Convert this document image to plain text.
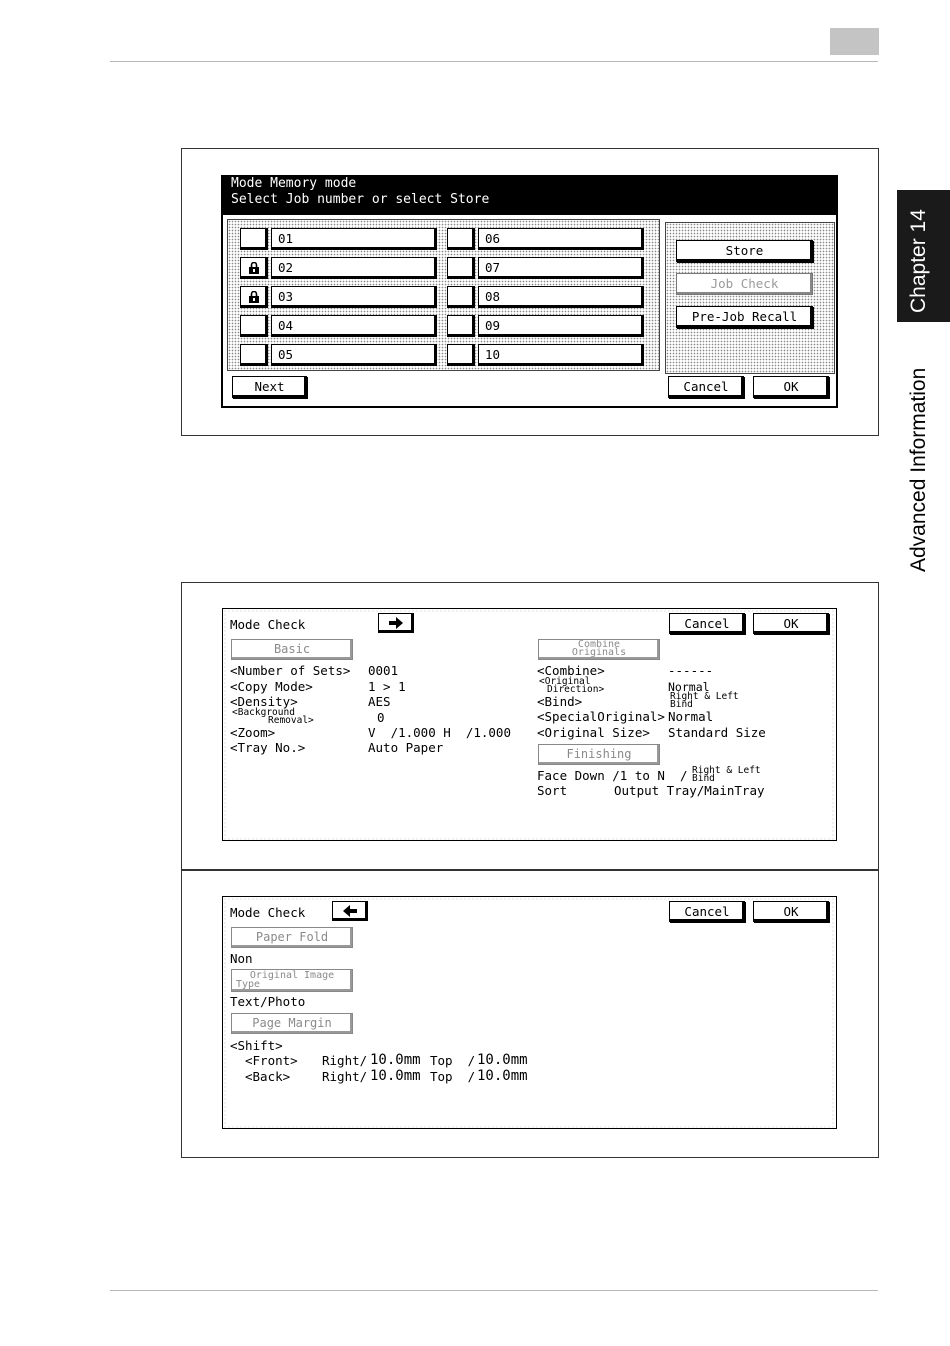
Chapter 14
Advanced Information
Mode Memory mode
Select Job number or select Store
01
02
03
04
05
06
07
08
09
10
Store
Job Check
Pre-Job Recall
Next	Cancel	OK
Mode Check	Cancel	OK
Basic	Combine
Originals
<Number of Sets> 0001
<Copy Mode>	1 > 1
<Density>	AES
<Background
Removal>	0
<Zoom>	V  /1.000 H  /1.000
<Tray No.>	Auto Paper
<Combine>	------
<Original
Direction>	Normal
<Bind>	Right & Left
Bind
<SpecialOriginal> Normal
<Original Size> Standard Size
Finishing
Face Down /1 to N  / Right & Left
Bind
Sort	Output Tray/MainTray
Mode Check	Cancel	OK
Paper Fold
Non
Original Image
Type
Text/Photo
Page Margin
<Shift>
<Front> Right/ 10.0mm Top  / 10.0mm
<Back>	Right/ 10.0mm Top  / 10.0mm
